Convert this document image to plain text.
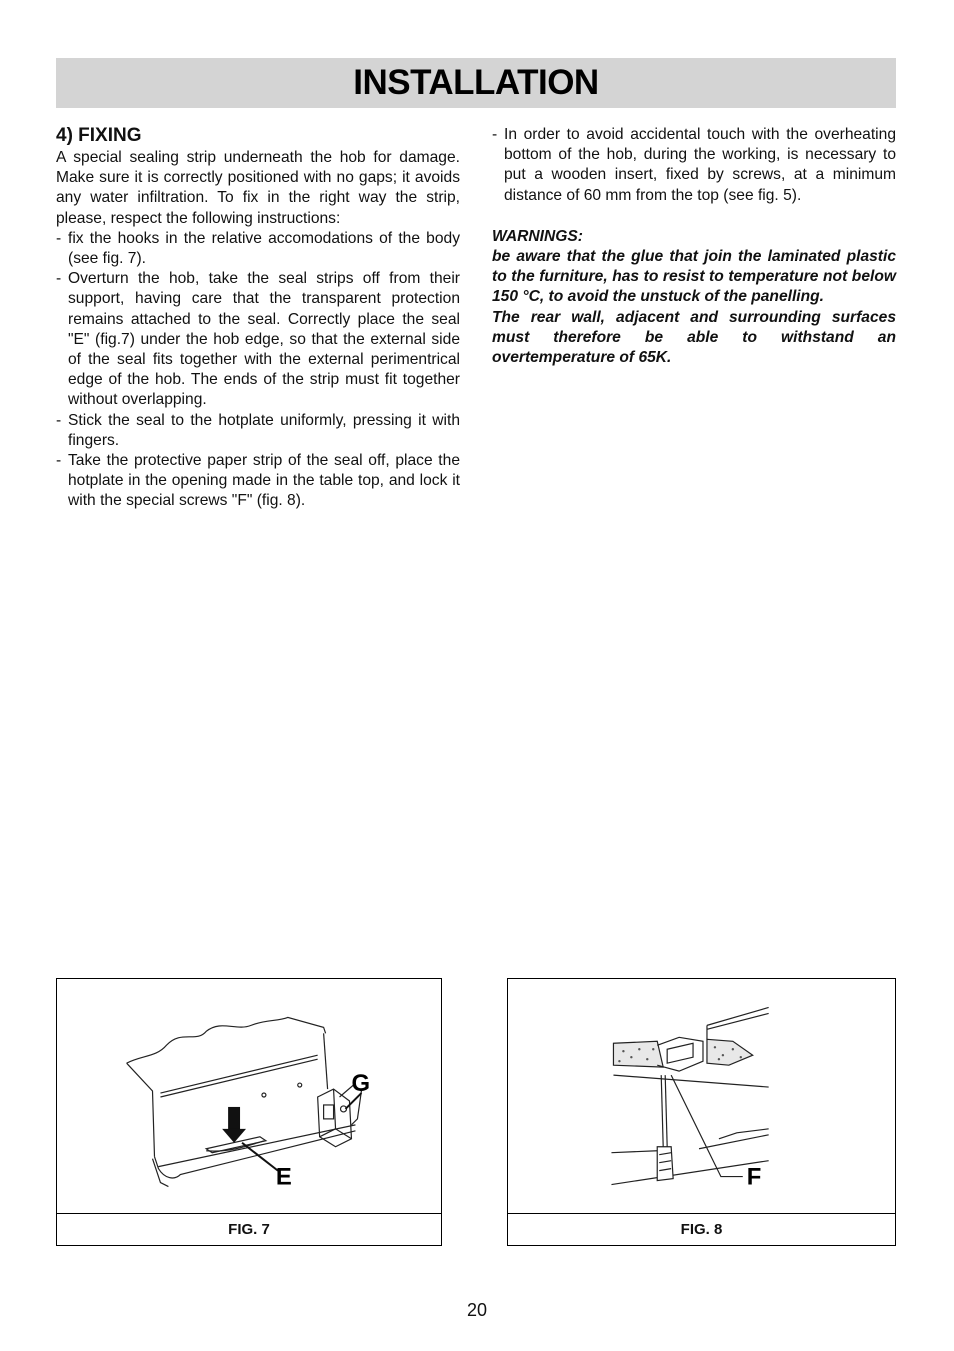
INSTALLATION
4) FIXING

A special sealing strip underneath the hob for damage. Make sure it is correctly positioned with no gaps; it avoids any water infiltration. To fix in the right way the strip, please, respect the following instructions:

- fix the hooks in the relative accomodations of the body (see fig. 7).
- Overturn the hob, take the seal strips off from their support, having care that the transparent protection remains attached to the seal. Correctly place the seal "E" (fig.7) under the hob edge, so that the external side of the seal fits together with the external perimentrical edge of the hob. The ends of the strip must fit together without overlapping.
- Stick the seal to the hotplate uniformly, pressing it with fingers.
- Take the protective paper strip of the seal off, place the hotplate in the opening made in the table top, and lock it with the special screws "F" (fig. 8).
- In order to avoid accidental touch with the overheating bottom of the hob, during the working, is necessary to put a wooden insert, fixed by screws, at a minimum distance of 60 mm from the top (see fig. 5).

WARNINGS:

be aware that the glue that join the laminated plastic to the furniture, has to resist to temperature not below 150 °C, to avoid the unstuck of the panelling.

The rear wall, adjacent and surrounding surfaces must therefore be able to withstand an overtemperature of 65K.

G
E
FIG. 7
F
FIG. 8
20
